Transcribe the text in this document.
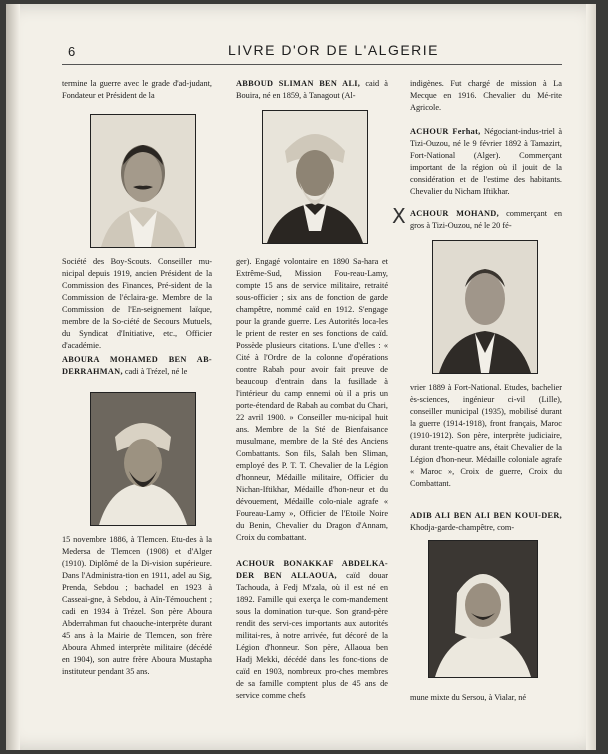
6	LIVRE D'OR DE L'ALGERIE

termine la guerre avec le grade d'ad-judant, Fondateur et Président de la

Société des Boy-Scouts. Conseiller mu-nicipal depuis 1919, ancien Président de la Commission des Finances, Pré-sident de la Commission de l'éclaira-ge. Membre de la Commission de l'En-seignement laïque, membre de la So-ciété de Secours Mutuels, du Syndicat d'Initiative, etc., Officier d'académie.

ABOURA MOHAMED BEN AB-DERRAHMAN, cadi à Trézel, né le

15 novembre 1886, à Tlemcen. Etu-des à la Medersa de Tlemcen (1908) et d'Alger (1910). Diplômé de la Di-vision supérieure. Dans l'Administra-tion en 1911, adel au Sig, Prenda, Sebdou ; bachadel en 1923 à Casseai-gne, à Sebdou, à Aïn-Témouchent ; cadi en 1934 à Trézel. Son père Aboura Abderrahman fut chaouche-interprète durant 45 ans à la Mairie de Tlemcen, son frère Aboura Ahmed interprète militaire (décédé en 1904), son autre frère Aboura Mustapha instituteur pendant 35 ans.

ABBOUD SLIMAN BEN ALI, caid à Bouira, né en 1859, à Tanagout (Al-

ger). Engagé volontaire en 1890 Sa-hara et Extrême-Sud, Mission Fou-reau-Lamy, compte 15 ans de service militaire, retraité sous-officier ; six ans de fonction de garde champêtre, nommé caïd en 1912. S'engage pour la grande guerre. Les Autorités loca-les le prient de rester en ses fonctions de caïd. Possède plusieurs citations. L'une d'elles : « Cité à l'Ordre de la colonne d'opérations contre Rabah pour avoir fait preuve de beaucoup d'entrain dans la fusillade à l'intérieur du camp ennemi où il a pris un porte-étendard de Rabah au combat du Chari, 22 avril 1900. » Conseiller mu-nicipal huit ans. Membre de la Sté de Bienfaisance musulmane, membre de la Sté des Anciens Combattants. Son fils, Salah ben Sliman, employé des P. T. T. Chevalier de la Légion d'honneur, Médaille militaire, Officier du Nichan-Iftikhar, Médaille d'hon-neur et du dévouement, Médaille colo-niale agrafe « Foureau-Lamy », Officier de l'Etoile Noire du Benin, Chevalier du Dragon d'Annam, Croix du combattant.

ACHOUR BONAKKAF ABDELKA-DER BEN ALLAOUA, caïd douar Tachouda, à Fedj M'zala, où il est né en 1892. Famille qui exerça le com-mandement sous la domination tur-que. Son grand-père rendit des servi-ces importants aux autorités militai-res, à notre arrivée, fut décoré de la Légion d'honneur. Son père, Allaoua ben Hadj Mekki, décédé dans les fonc-tions de caïd en 1903, nombreux pro-ches membres de sa famille comptent plus de 45 ans de service comme chefs

indigènes. Fut chargé de mission à La Mecque en 1916. Chevalier du Mé-rite Agricole.

ACHOUR Ferhat, Négociant-indus-triel à Tizi-Ouzou, né le 9 février 1892 à Tamazirt, Fort-National (Alger). Commerçant important de la région où il jouit de la considération et de l'estime des habitants. Chevalier du Nicham Iftikhar.

X ACHOUR MOHAND, commerçant en gros à Tizi-Ouzou, né le 20 fé-

vrier 1889 à Fort-National. Etudes, bachelier ès-sciences, ingénieur ci-vil (Lille), conseiller municipal (1935), mobilisé durant la guerre (1914-1918), front français, Maroc (1910-1912). Son père, interprète judiciaire, durant trente-quatre ans, était Chevalier de la Légion d'hon-neur. Médaille coloniale agrafe « Maroc », Croix de guerre, Croix du Combattant.

ADIB ALI BEN ALI BEN KOUI-DER, Khodja-garde-champêtre, com-

mune mixte du Sersou, à Vialar, né
